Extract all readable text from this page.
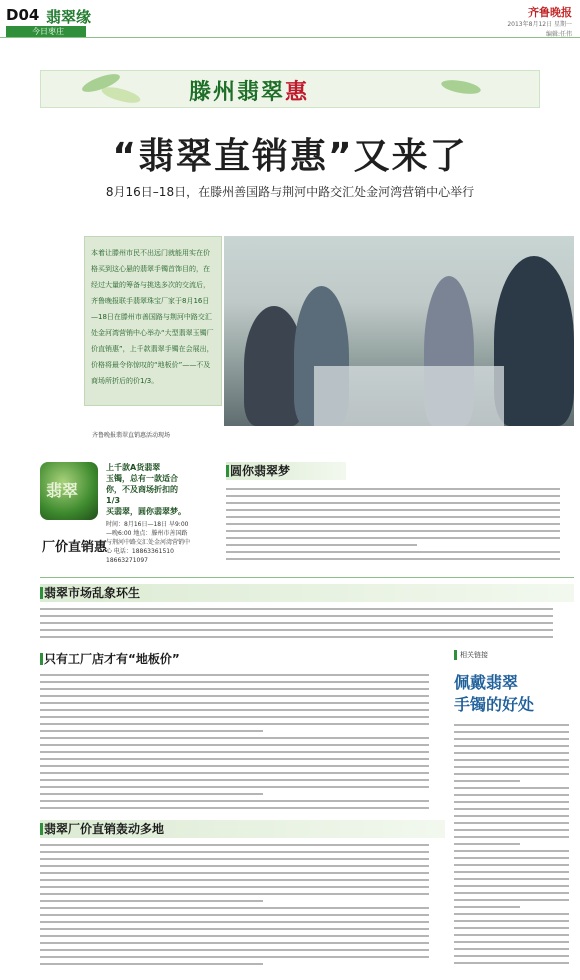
D04 翡翠缘
今日枣庄
齐鲁晚报
2013年8月12日 星期一
编辑:任伟
滕州翡翠惠
“翡翠直销惠”又来了
8月16日–18日，在滕州善国路与荆河中路交汇处金河湾营销中心举行

本着让滕州市民不出远门就能用实在价格买到这心悬的翡翠手镯首饰目的，在经过大量的筹备与挑选多次的交流后，齐鲁晚报联手翡翠珠宝厂家于8月16日—18日在滕州市善国路与荆河中路交汇处金河湾营销中心举办“大型翡翠玉镯厂价直销惠”，上千款翡翠手镯在会展出，价格将最令你惊叹的“地板价”——不及商场所折后的价1/3。

齐鲁晚报翡翠直销惠活动现场
翡翠
上千款A货翡翠
玉镯，总有一款适合
你，不及商场折扣的1/3
买翡翠，圆你翡翠梦。
时间：8月16日—18日 早9:00—晚6:00 地点：滕州市善国路与荆河中路交汇处金河湾营销中心 电话：18863361510 18663271097
厂价直销惠
圆你翡翠梦
翡翠市场乱象环生
只有工厂店才有“地板价”
翡翠厂价直销轰动多地
相关链接
佩戴翡翠
手镯的好处
